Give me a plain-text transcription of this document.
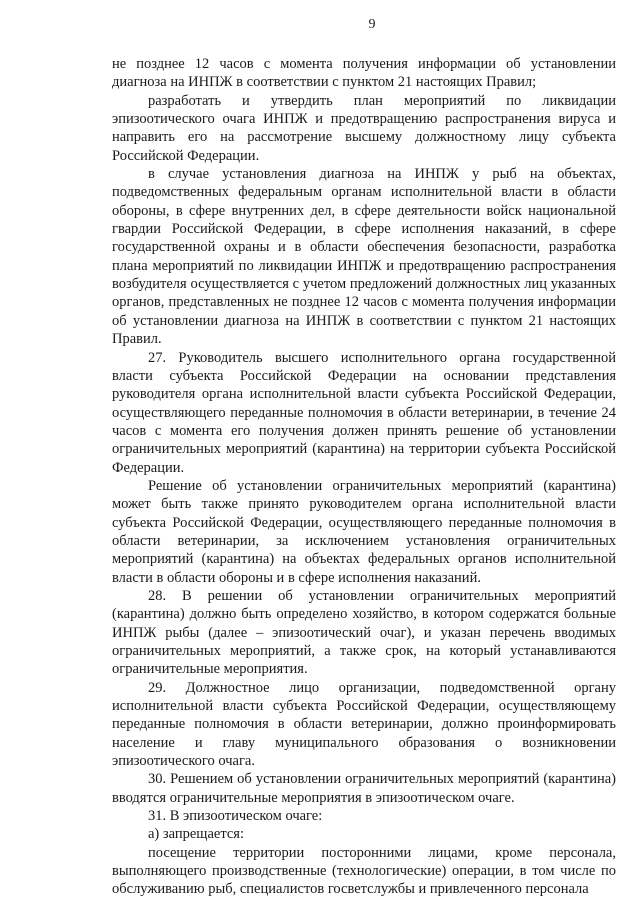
9

не позднее 12 часов с момента получения информации об установлении диагноза на ИНПЖ в соответствии с пунктом 21 настоящих Правил;

разработать и утвердить план мероприятий по ликвидации эпизоотического очага ИНПЖ и предотвращению распространения вируса и направить его на рассмотрение высшему должностному лицу субъекта Российской Федерации.

в случае установления диагноза на ИНПЖ у рыб на объектах, подведомственных федеральным органам исполнительной власти в области обороны, в сфере внутренних дел, в сфере деятельности войск национальной гвардии Российской Федерации, в сфере исполнения наказаний, в сфере государственной охраны и в области обеспечения безопасности, разработка плана мероприятий по ликвидации ИНПЖ и предотвращению распространения возбудителя осуществляется с учетом предложений должностных лиц указанных органов, представленных не позднее 12 часов с момента получения информации об установлении диагноза на ИНПЖ в соответствии с пунктом 21 настоящих Правил.

27. Руководитель высшего исполнительного органа государственной власти субъекта Российской Федерации на основании представления руководителя органа исполнительной власти субъекта Российской Федерации, осуществляющего переданные полномочия в области ветеринарии, в течение 24 часов с момента его получения должен принять решение об установлении ограничительных мероприятий (карантина) на территории субъекта Российской Федерации.

Решение об установлении ограничительных мероприятий (карантина) может быть также принято руководителем органа исполнительной власти субъекта Российской Федерации, осуществляющего переданные полномочия в области ветеринарии, за исключением установления ограничительных мероприятий (карантина) на объектах федеральных органов исполнительной власти в области обороны и в сфере исполнения наказаний.

28. В решении об установлении ограничительных мероприятий (карантина) должно быть определено хозяйство, в котором содержатся больные ИНПЖ рыбы (далее – эпизоотический очаг), и указан перечень вводимых ограничительных мероприятий, а также срок, на который устанавливаются ограничительные мероприятия.

29. Должностное лицо организации, подведомственной органу исполнительной власти субъекта Российской Федерации, осуществляющему переданные полномочия в области ветеринарии, должно проинформировать население и главу муниципального образования о возникновении эпизоотического очага.

30. Решением об установлении ограничительных мероприятий (карантина) вводятся ограничительные мероприятия в эпизоотическом очаге.

31. В эпизоотическом очаге:

а) запрещается:

посещение территории посторонними лицами, кроме персонала, выполняющего производственные (технологические) операции, в том числе по обслуживанию рыб, специалистов госветслужбы и привлеченного персонала
